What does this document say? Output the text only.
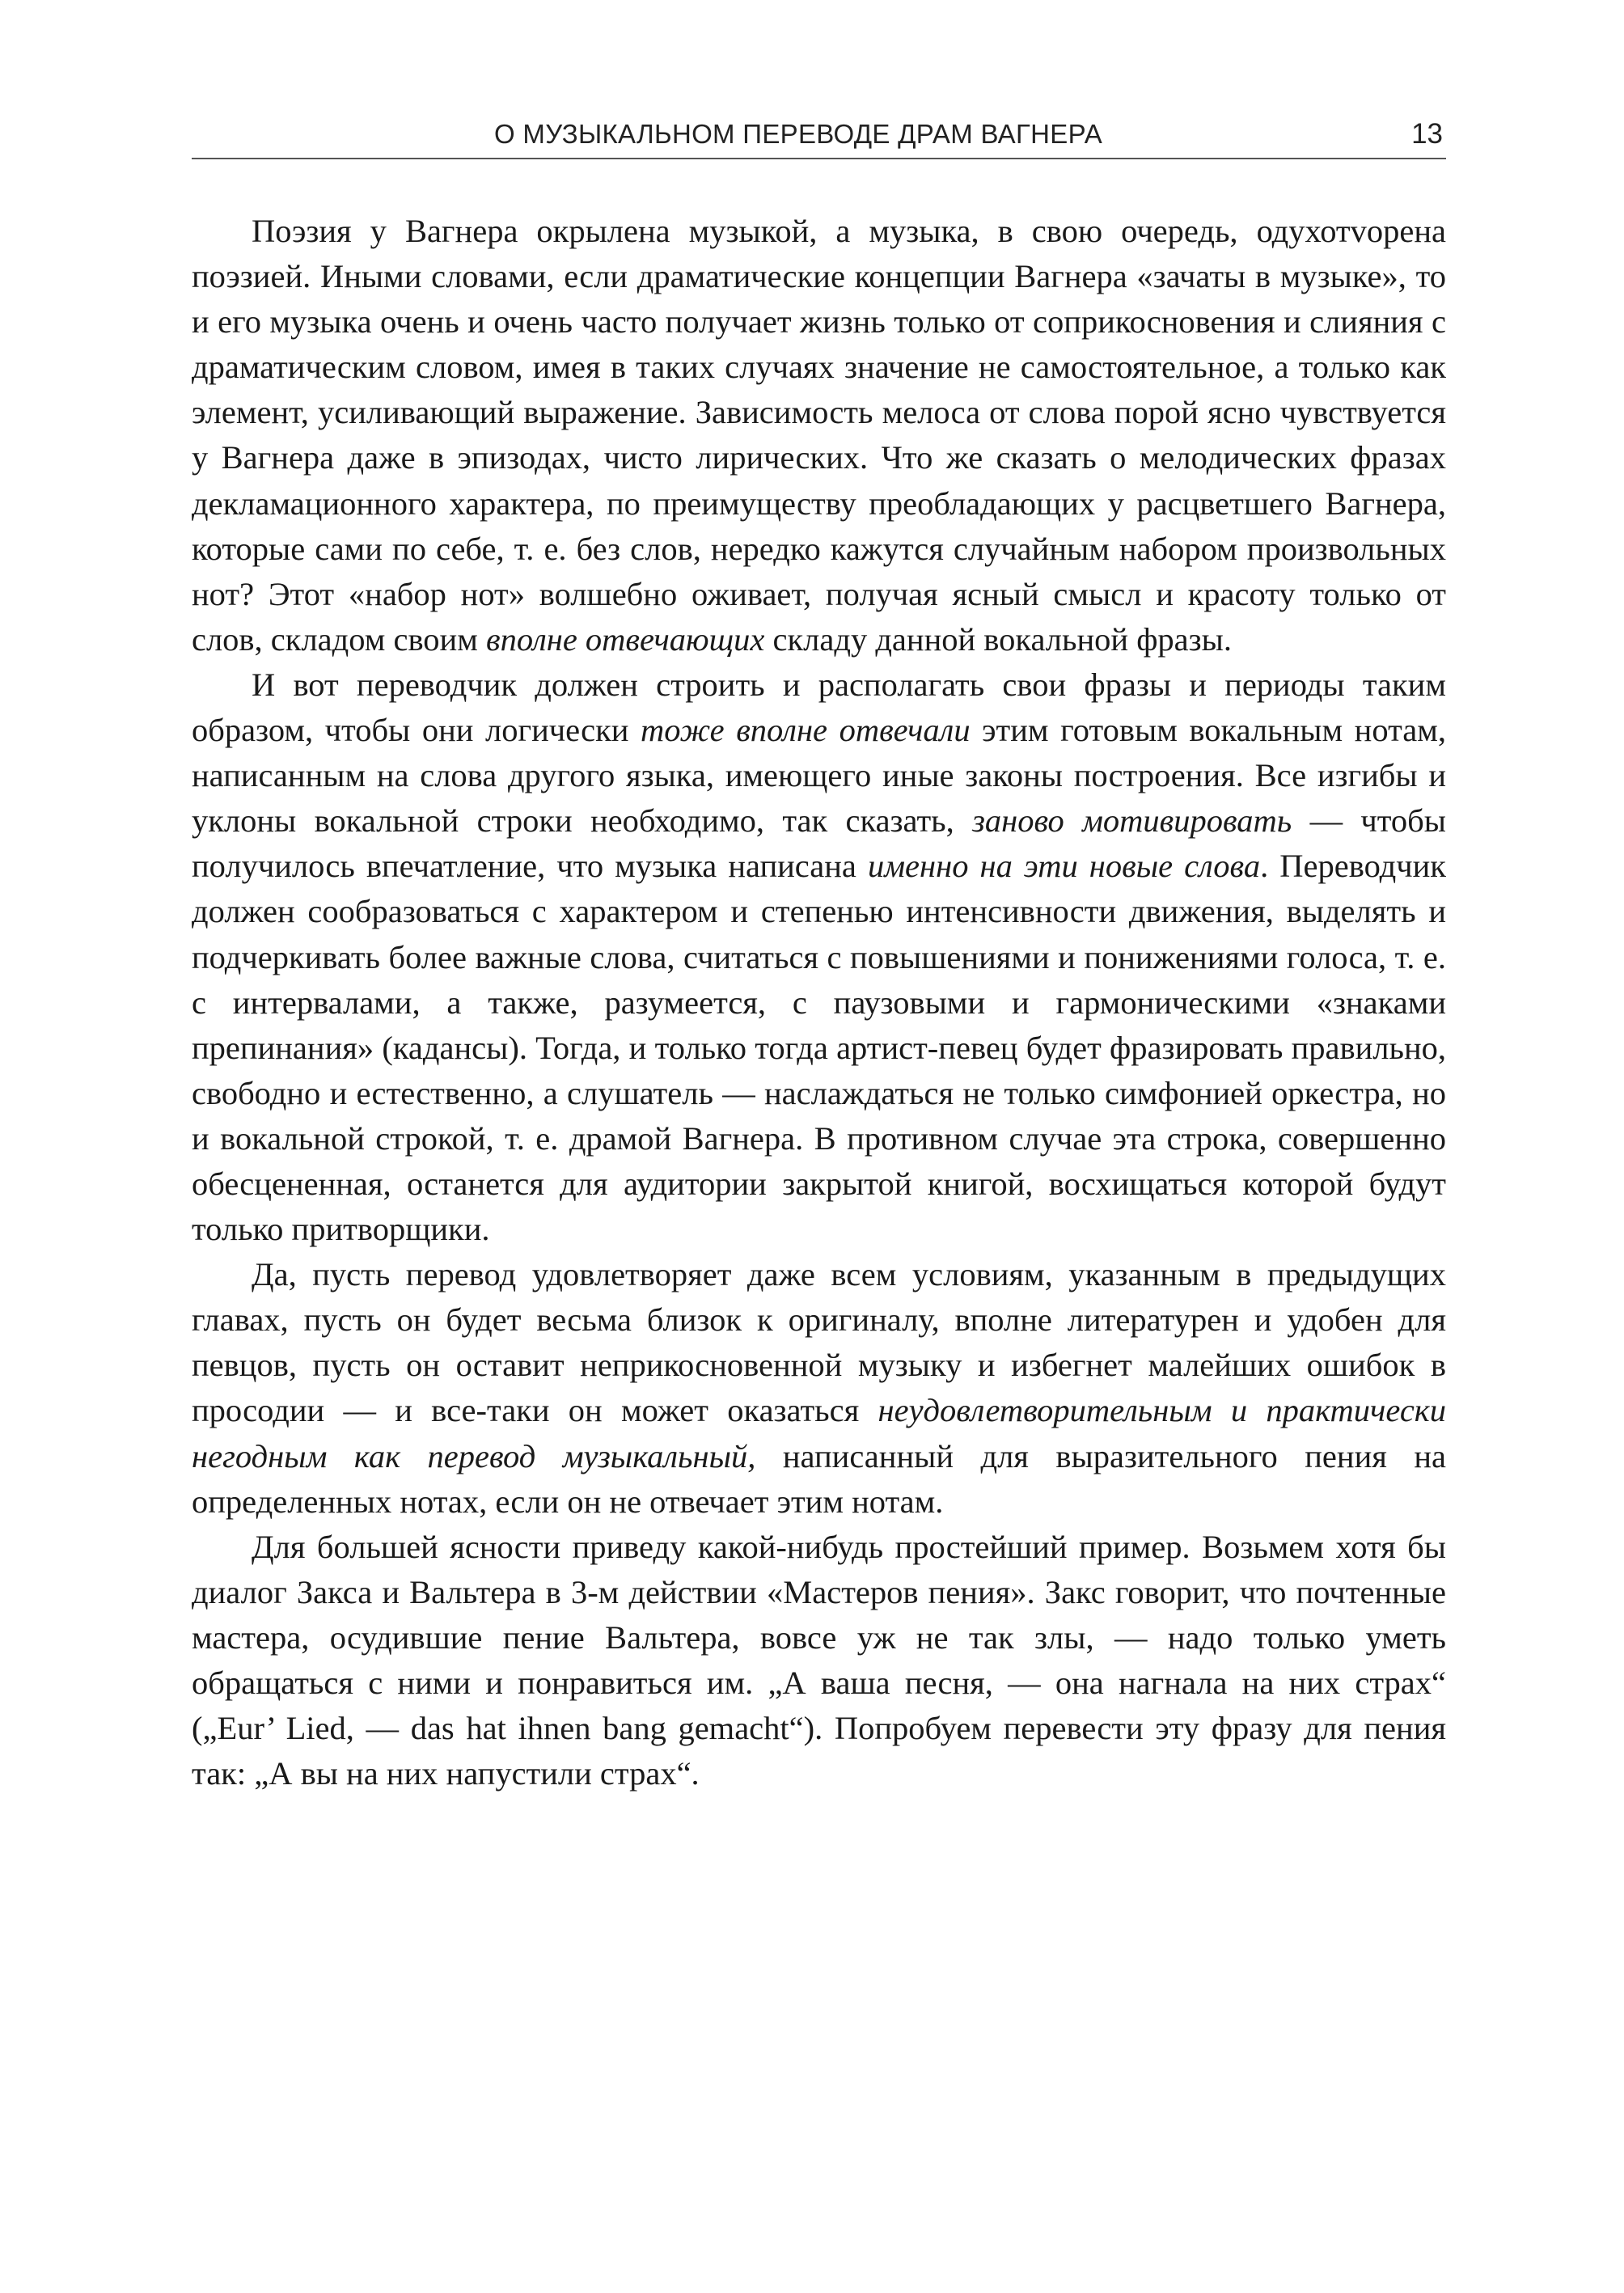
О МУЗЫКАЛЬНОМ ПЕРЕВОДЕ ДРАМ ВАГНЕРА	13

Поэзия у Вагнера окрылена музыкой, а музыка, в свою очередь, одухотvорена поэзией. Иными словами, если драматические концепции Вагнера «зачаты в музыке», то и его музыка очень и очень часто получает жизнь только от соприкосновения и слияния с драматическим словом, имея в таких случаях значение не самостоятельное, а только как элемент, усиливающий выражение. Зависимость мелоса от слова порой ясно чувствуется у Вагнера даже в эпизодах, чисто лирических. Что же сказать о мелодических фразах декламационного характера, по преимуществу преобладающих у расцветшего Вагнера, которые сами по себе, т. е. без слов, нередко кажутся случайным набором произвольных нот? Этот «набор нот» волшебно оживает, получая ясный смысл и красоту только от слов, складом своим вполне отвечающих складу данной вокальной фразы.

И вот переводчик должен строить и располагать свои фразы и периоды таким образом, чтобы они логически тоже вполне отвечали этим готовым вокальным нотам, написанным на слова другого языка, имеющего иные законы построения. Все изгибы и уклоны вокальной строки необходимо, так сказать, заново мотивировать — чтобы получилось впечатление, что музыка написана именно на эти новые слова. Переводчик должен сообразоваться с характером и степенью интенсивности движения, выделять и подчеркивать более важные слова, считаться с повышениями и понижениями голоса, т. е. с интервалами, а также, разумеется, с паузовыми и гармоническими «знаками препинания» (кадансы). Тогда, и только тогда артист-певец будет фразировать правильно, свободно и естественно, а слушатель — наслаждаться не только симфонией оркестра, но и вокальной строкой, т. е. драмой Вагнера. В противном случае эта строка, совершенно обесцененная, останется для аудитории закрытой книгой, восхищаться которой будут только притворщики.

Да, пусть перевод удовлетворяет даже всем условиям, указанным в предыдущих главах, пусть он будет весьма близок к оригиналу, вполне литературен и удобен для певцов, пусть он оставит неприкосновенной музыку и избегнет малейших ошибок в просодии — и все-таки он может оказаться неудовлетворительным и практически негодным как перевод музыкальный, написанный для выразительного пения на определенных нотах, если он не отвечает этим нотам.

Для большей ясности приведу какой-нибудь простейший пример. Возьмем хотя бы диалог Закса и Вальтера в 3-м действии «Мастеров пения». Закс говорит, что почтенные мастера, осудившие пение Вальтера, вовсе уж не так злы, — надо только уметь обращаться с ними и понравиться им. „А ваша песня, — она нагнала на них страх“ („Eur’ Lied, — das hat ihnen bang gemacht“). Попробуем перевести эту фразу для пения так: „А вы на них напустили страх“.
